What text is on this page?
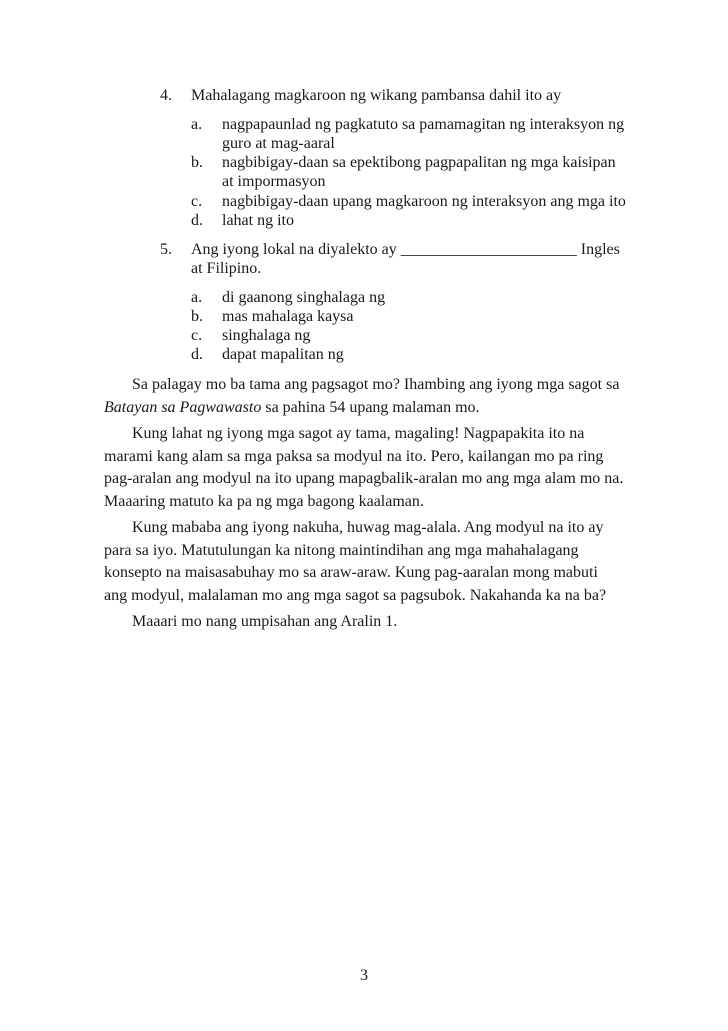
4.	Mahalagang magkaroon ng wikang pambansa dahil ito ay
a.	nagpapaunlad ng pagkatuto sa pamamagitan ng interaksyon ng
guro at mag-aaral
b.	nagbibigay-daan sa epektibong pagpapalitan ng mga kaisipan
at impormasyon
c.	nagbibigay-daan upang magkaroon ng interaksyon ang mga ito
d.	lahat ng ito
5.	Ang iyong lokal na diyalekto ay ______________________ Ingles
at Filipino.
a.	di gaanong singhalaga ng
b.	mas mahalaga kaysa
c.	singhalaga ng
d.	dapat mapalitan ng
Sa palagay mo ba tama ang pagsagot mo? Ihambing ang iyong mga sagot sa
Batayan sa Pagwawasto sa pahina 54 upang malaman mo.
Kung lahat ng iyong mga sagot ay tama, magaling! Nagpapakita ito na
marami kang alam sa mga paksa sa modyul na ito. Pero, kailangan mo pa ring
pag-aralan ang modyul na ito upang mapagbalik-aralan mo ang mga alam mo na.
Maaaring matuto ka pa ng mga bagong kaalaman.
Kung mababa ang iyong nakuha, huwag mag-alala. Ang modyul na ito ay
para sa iyo. Matutulungan ka nitong maintindihan ang mga mahahalagang
konsepto na maisasabuhay mo sa araw-araw. Kung pag-aaralan mong mabuti
ang modyul, malalaman mo ang mga sagot sa pagsubok. Nakahanda ka na ba?
Maaari mo nang umpisahan ang Aralin 1.
3
